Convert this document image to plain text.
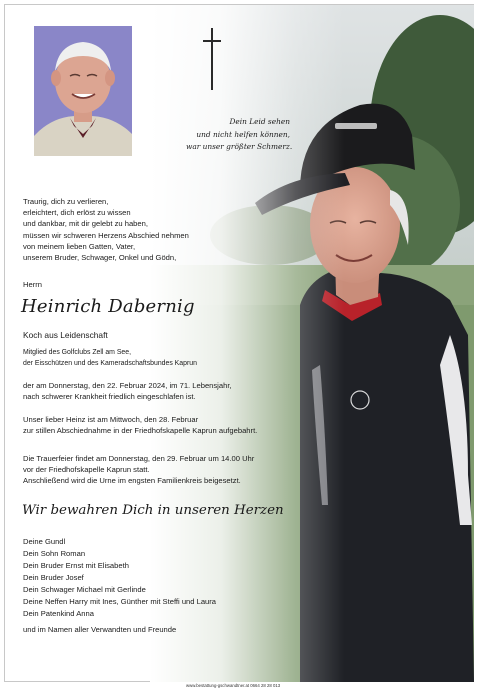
Dein Leid sehen
und nicht helfen können,
war unser größter Schmerz.
Traurig, dich zu verlieren,
erleichtert, dich erlöst zu wissen
und dankbar, mit dir gelebt zu haben,
müssen wir schweren Herzens Abschied nehmen
von meinem lieben Gatten, Vater,
unserem Bruder, Schwager, Onkel und Gödn,
Herrn
Heinrich Dabernig
Koch aus Leidenschaft
Mitglied des Golfclubs Zell am See,
der Eisschützen und des Kameradschaftsbundes Kaprun
der am Donnerstag, den 22. Februar 2024, im 71. Lebensjahr,
nach schwerer Krankheit friedlich eingeschlafen ist.
Unser lieber Heinz ist am Mittwoch, den 28. Februar
zur stillen Abschiednahme in der Friedhofskapelle Kaprun aufgebahrt.
Die Trauerfeier findet am Donnerstag, den 29. Februar um 14.00 Uhr
vor der Friedhofskapelle Kaprun statt.
Anschließend wird die Urne im engsten Familienkreis beigesetzt.
Wir bewahren Dich in unseren Herzen
Deine Gundl
Dein Sohn Roman
Dein Bruder Ernst mit Elisabeth
Dein Bruder Josef
Dein Schwager Michael mit Gerlinde
Deine Neffen Harry mit Ines, Günther mit Steffi und Laura
Dein Patenkind Anna
und im Namen aller Verwandten und Freunde
www.bestattung-gschwandtner.at 0664 28 28 013
